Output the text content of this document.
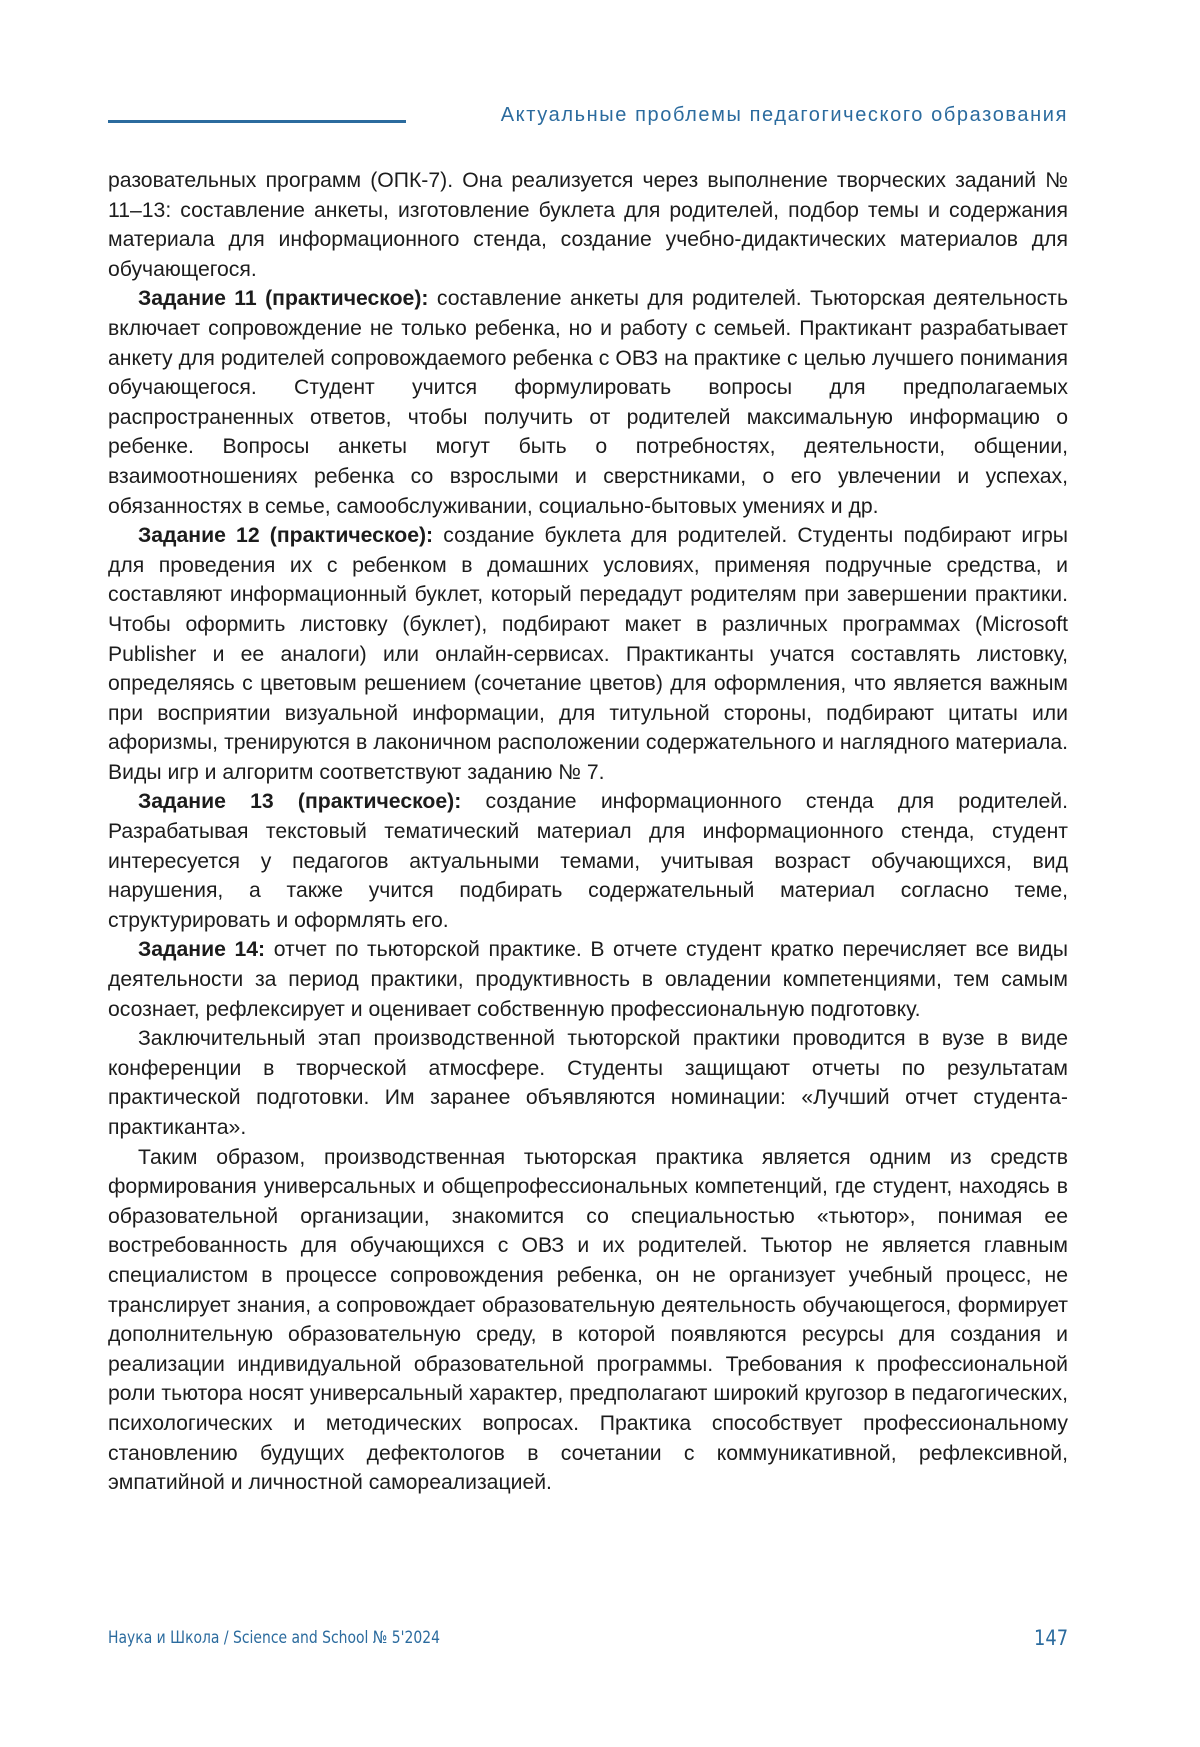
Актуальные проблемы педагогического образования

разовательных программ (ОПК-7). Она реализуется через выполнение творческих заданий № 11–13: составление анкеты, изготовление буклета для родителей, подбор темы и содержания материала для информационного стенда, создание учебно-дидактических материалов для обучающегося.

Задание 11 (практическое): составление анкеты для родителей. Тьюторская деятельность включает сопровождение не только ребенка, но и работу с семьей. Практикант разрабатывает анкету для родителей сопровождаемого ребенка с ОВЗ на практике с целью лучшего понимания обучающегося. Студент учится формулировать вопросы для предполагаемых распространенных ответов, чтобы получить от родителей максимальную информацию о ребенке. Вопросы анкеты могут быть о потребностях, деятельности, общении, взаимоотношениях ребенка со взрослыми и сверстниками, о его увлечении и успехах, обязанностях в семье, самообслуживании, социально-бытовых умениях и др.

Задание 12 (практическое): создание буклета для родителей. Студенты подбирают игры для проведения их с ребенком в домашних условиях, применяя подручные средства, и составляют информационный буклет, который передадут родителям при завершении практики. Чтобы оформить листовку (буклет), подбирают макет в различных программах (Microsoft Publisher и ее аналоги) или онлайн-сервисах. Практиканты учатся составлять листовку, определяясь с цветовым решением (сочетание цветов) для оформления, что является важным при восприятии визуальной информации, для титульной стороны, подбирают цитаты или афоризмы, тренируются в лаконичном расположении содержательного и наглядного материала. Виды игр и алгоритм соответствуют заданию № 7.

Задание 13 (практическое): создание информационного стенда для родителей. Разрабатывая текстовый тематический материал для информационного стенда, студент интересуется у педагогов актуальными темами, учитывая возраст обучающихся, вид нарушения, а также учится подбирать содержательный материал согласно теме, структурировать и оформлять его.

Задание 14: отчет по тьюторской практике. В отчете студент кратко перечисляет все виды деятельности за период практики, продуктивность в овладении компетенциями, тем самым осознает, рефлексирует и оценивает собственную профессиональную подготовку.

Заключительный этап производственной тьюторской практики проводится в вузе в виде конференции в творческой атмосфере. Студенты защищают отчеты по результатам практической подготовки. Им заранее объявляются номинации: «Лучший отчет студента-практиканта».

Таким образом, производственная тьюторская практика является одним из средств формирования универсальных и общепрофессиональных компетенций, где студент, находясь в образовательной организации, знакомится со специальностью «тьютор», понимая ее востребованность для обучающихся с ОВЗ и их родителей. Тьютор не является главным специалистом в процессе сопровождения ребенка, он не организует учебный процесс, не транслирует знания, а сопровождает образовательную деятельность обучающегося, формирует дополнительную образовательную среду, в которой появляются ресурсы для создания и реализации индивидуальной образовательной программы. Требования к профессиональной роли тьютора носят универсальный характер, предполагают широкий кругозор в педагогических, психологических и методических вопросах. Практика способствует профессиональному становлению будущих дефектологов в сочетании с коммуникативной, рефлексивной, эмпатийной и личностной самореализацией.

Наука и Школа / Science and School № 5'2024	147
